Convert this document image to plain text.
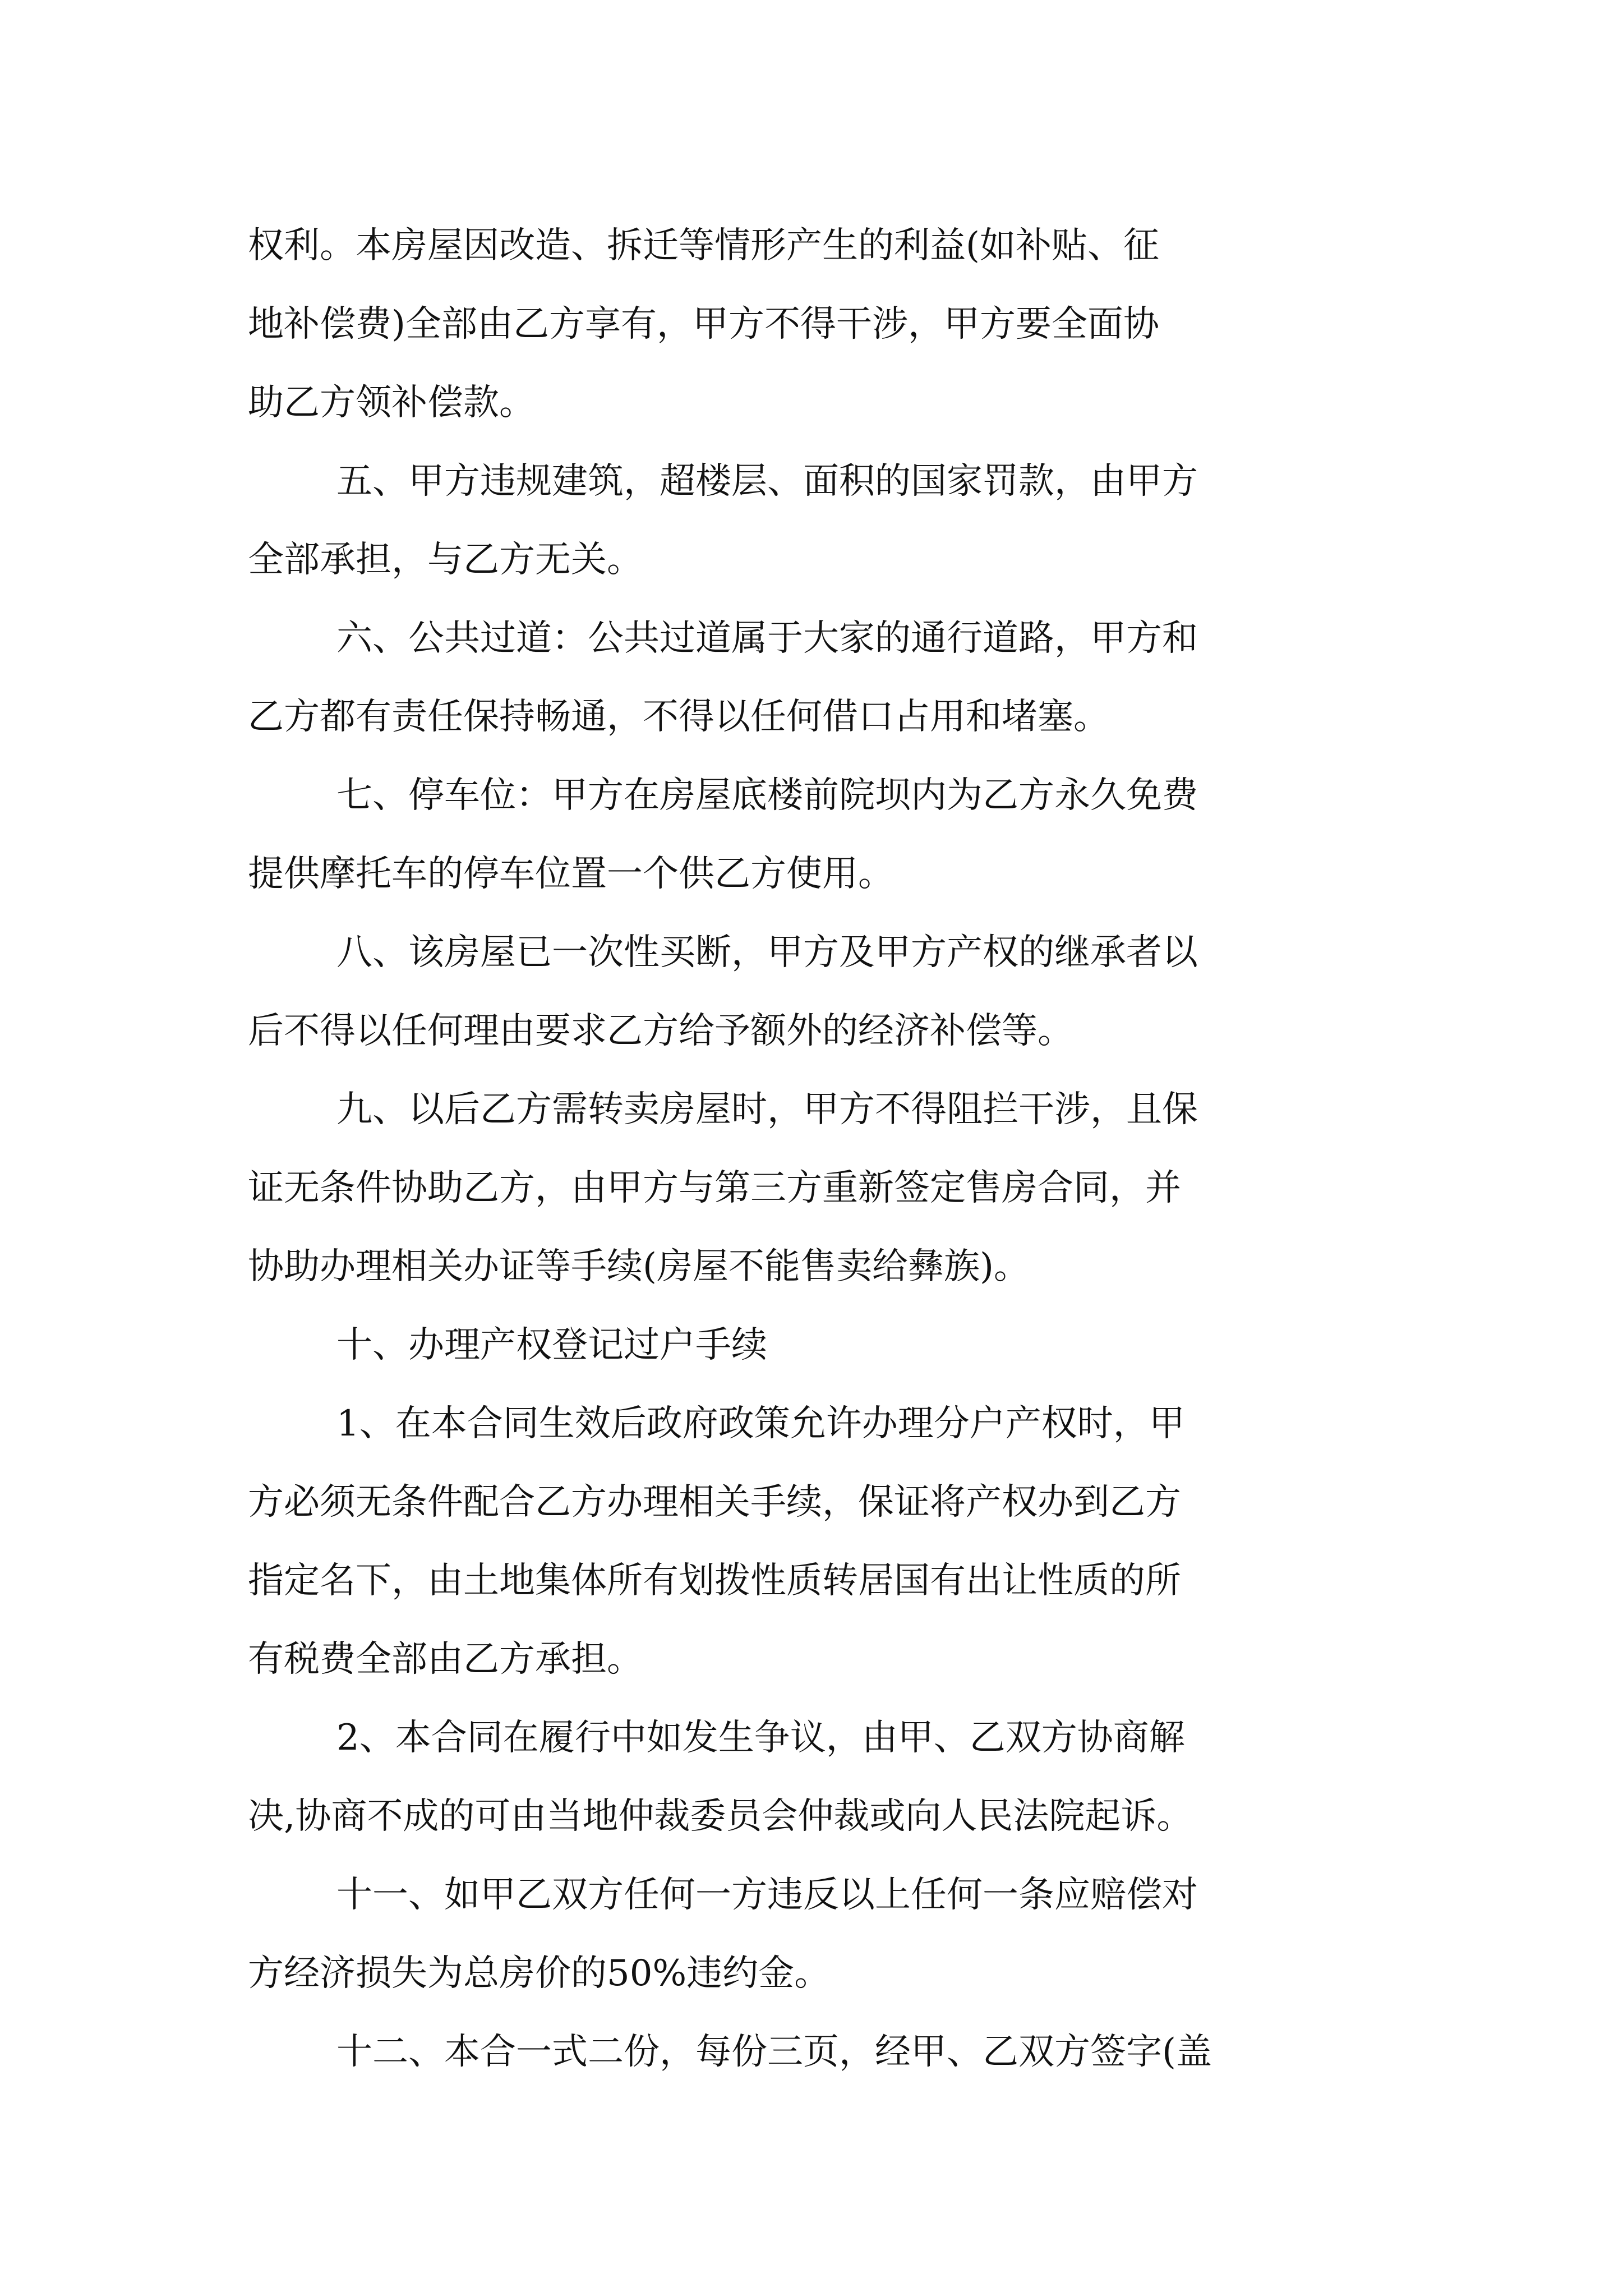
权利。本房屋因改造、拆迁等情形产生的利益(如补贴、征

地补偿费)全部由乙方享有，甲方不得干涉，甲方要全面协

助乙方领补偿款。

五、甲方违规建筑，超楼层、面积的国家罚款，由甲方

全部承担，与乙方无关。

六、公共过道：公共过道属于大家的通行道路，甲方和

乙方都有责任保持畅通，不得以任何借口占用和堵塞。

七、停车位：甲方在房屋底楼前院坝内为乙方永久免费

提供摩托车的停车位置一个供乙方使用。

八、该房屋已一次性买断，甲方及甲方产权的继承者以

后不得以任何理由要求乙方给予额外的经济补偿等。

九、以后乙方需转卖房屋时，甲方不得阻拦干涉，且保

证无条件协助乙方，由甲方与第三方重新签定售房合同，并

协助办理相关办证等手续(房屋不能售卖给彝族)。

十、办理产权登记过户手续

1、在本合同生效后政府政策允许办理分户产权时，甲

方必须无条件配合乙方办理相关手续，保证将产权办到乙方

指定名下，由土地集体所有划拨性质转居国有出让性质的所

有税费全部由乙方承担。

2、本合同在履行中如发生争议，由甲、乙双方协商解

决,协商不成的可由当地仲裁委员会仲裁或向人民法院起诉。

十一、如甲乙双方任何一方违反以上任何一条应赔偿对

方经济损失为总房价的50%违约金。

十二、本合一式二份，每份三页，经甲、乙双方签字(盖
